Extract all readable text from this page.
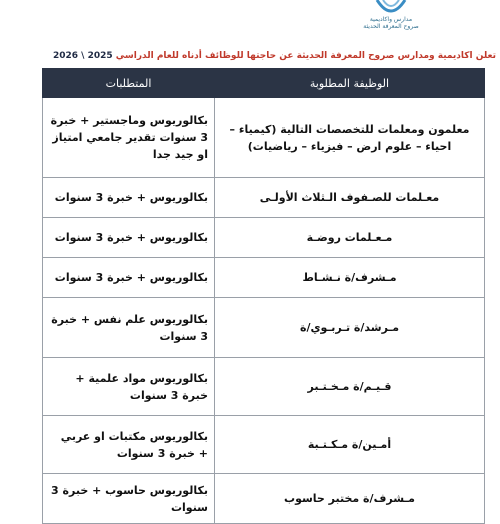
مدارس واكاديمية
صروح المعرفة الحديثة
تعلن اكاديمية ومدارس صروح المعرفة الحديثة عن حاجتها للوظائف أدناه للعام الدراسي 2025 \ 2026
الوظيفة المطلوبة	المتطلبات
معلمون ومعلمات للتخصصات التالية (كيمياء – احياء – علوم ارض – فيزياء – رياضيات)	بكالوريوس وماجستير + خبرة 3 سنوات تقدير جامعي امتياز او جيد جدا
معـلمات للصـفوف الـثلاث الأولـى	بكالوريوس + خبرة 3 سنوات
مـعـلمات روضـة	بكالوريوس + خبرة 3 سنوات
مـشرف/ة نـشـاط	بكالوريوس + خبرة 3 سنوات
مـرشد/ة تـربـوي/ة	بكالوريوس علم نفس + خبرة 3 سنوات
قـيـم/ة مـخـتـبر	بكالوريوس مواد علمية + خبرة 3 سنوات
أمـين/ة مـكـتـبة	بكالوريوس مكتبات او عربي + خبرة 3 سنوات
مـشرف/ة مختبر حاسوب	بكالوريوس حاسوب + خبرة 3 سنوات
